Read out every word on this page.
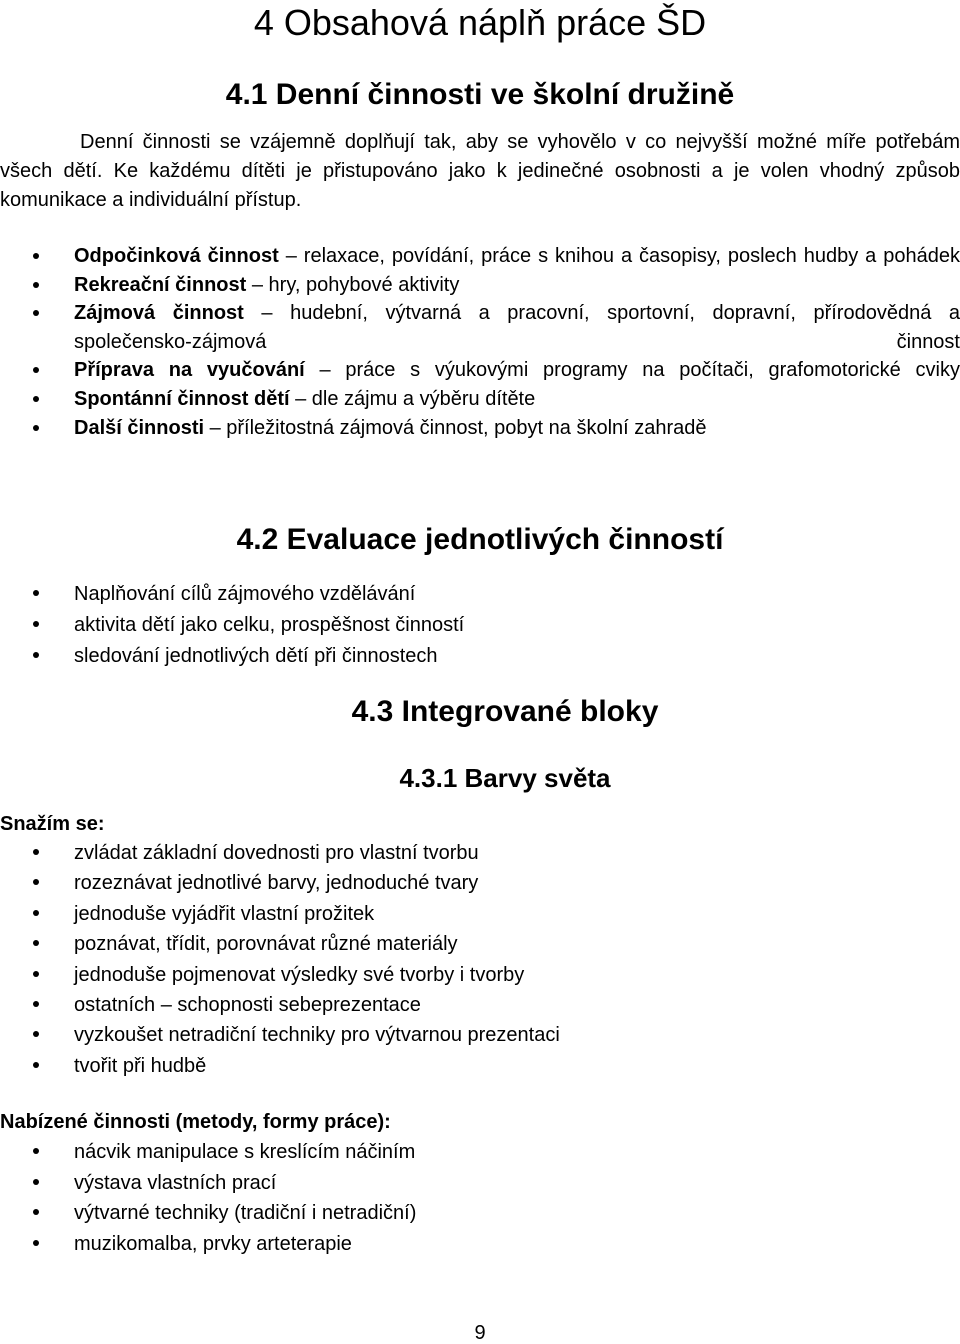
4 Obsahová náplň práce ŠD
4.1 Denní činnosti ve školní družině

Denní činnosti se vzájemně doplňují tak, aby se vyhovělo v co nejvyšší možné míře potřebám všech dětí. Ke každému dítěti je přistupováno jako k jedinečné osobnosti a je volen vhodný způsob komunikace a individuální přístup.

Odpočinková činnost – relaxace, povídání, práce s knihou a časopisy, poslech hudby a pohádek
Rekreační činnost – hry, pohybové aktivity
Zájmová činnost – hudební, výtvarná a pracovní, sportovní, dopravní, přírodovědná a společensko-zájmová činnost
Příprava na vyučování – práce s výukovými programy na počítači, grafomotorické cviky
Spontánní činnost dětí – dle zájmu a výběru dítěte
Další činnosti – příležitostná zájmová činnost, pobyt na školní zahradě
4.2 Evaluace jednotlivých činností
Naplňování cílů zájmového vzdělávání
aktivita dětí jako celku, prospěšnost činností
sledování jednotlivých dětí při činnostech
4.3 Integrované bloky
4.3.1 Barvy světa

Snažím se:

zvládat základní dovednosti pro vlastní tvorbu
rozeznávat jednotlivé barvy, jednoduché tvary
jednoduše vyjádřit vlastní prožitek
poznávat, třídit, porovnávat různé materiály
jednoduše pojmenovat výsledky své tvorby i tvorby
ostatních – schopnosti sebeprezentace
vyzkoušet netradiční techniky pro výtvarnou prezentaci
tvořit při hudbě

Nabízené činnosti (metody, formy práce):

nácvik manipulace s kreslícím náčiním
výstava vlastních prací
výtvarné techniky (tradiční i netradiční)
muzikomalba, prvky arteterapie
9
